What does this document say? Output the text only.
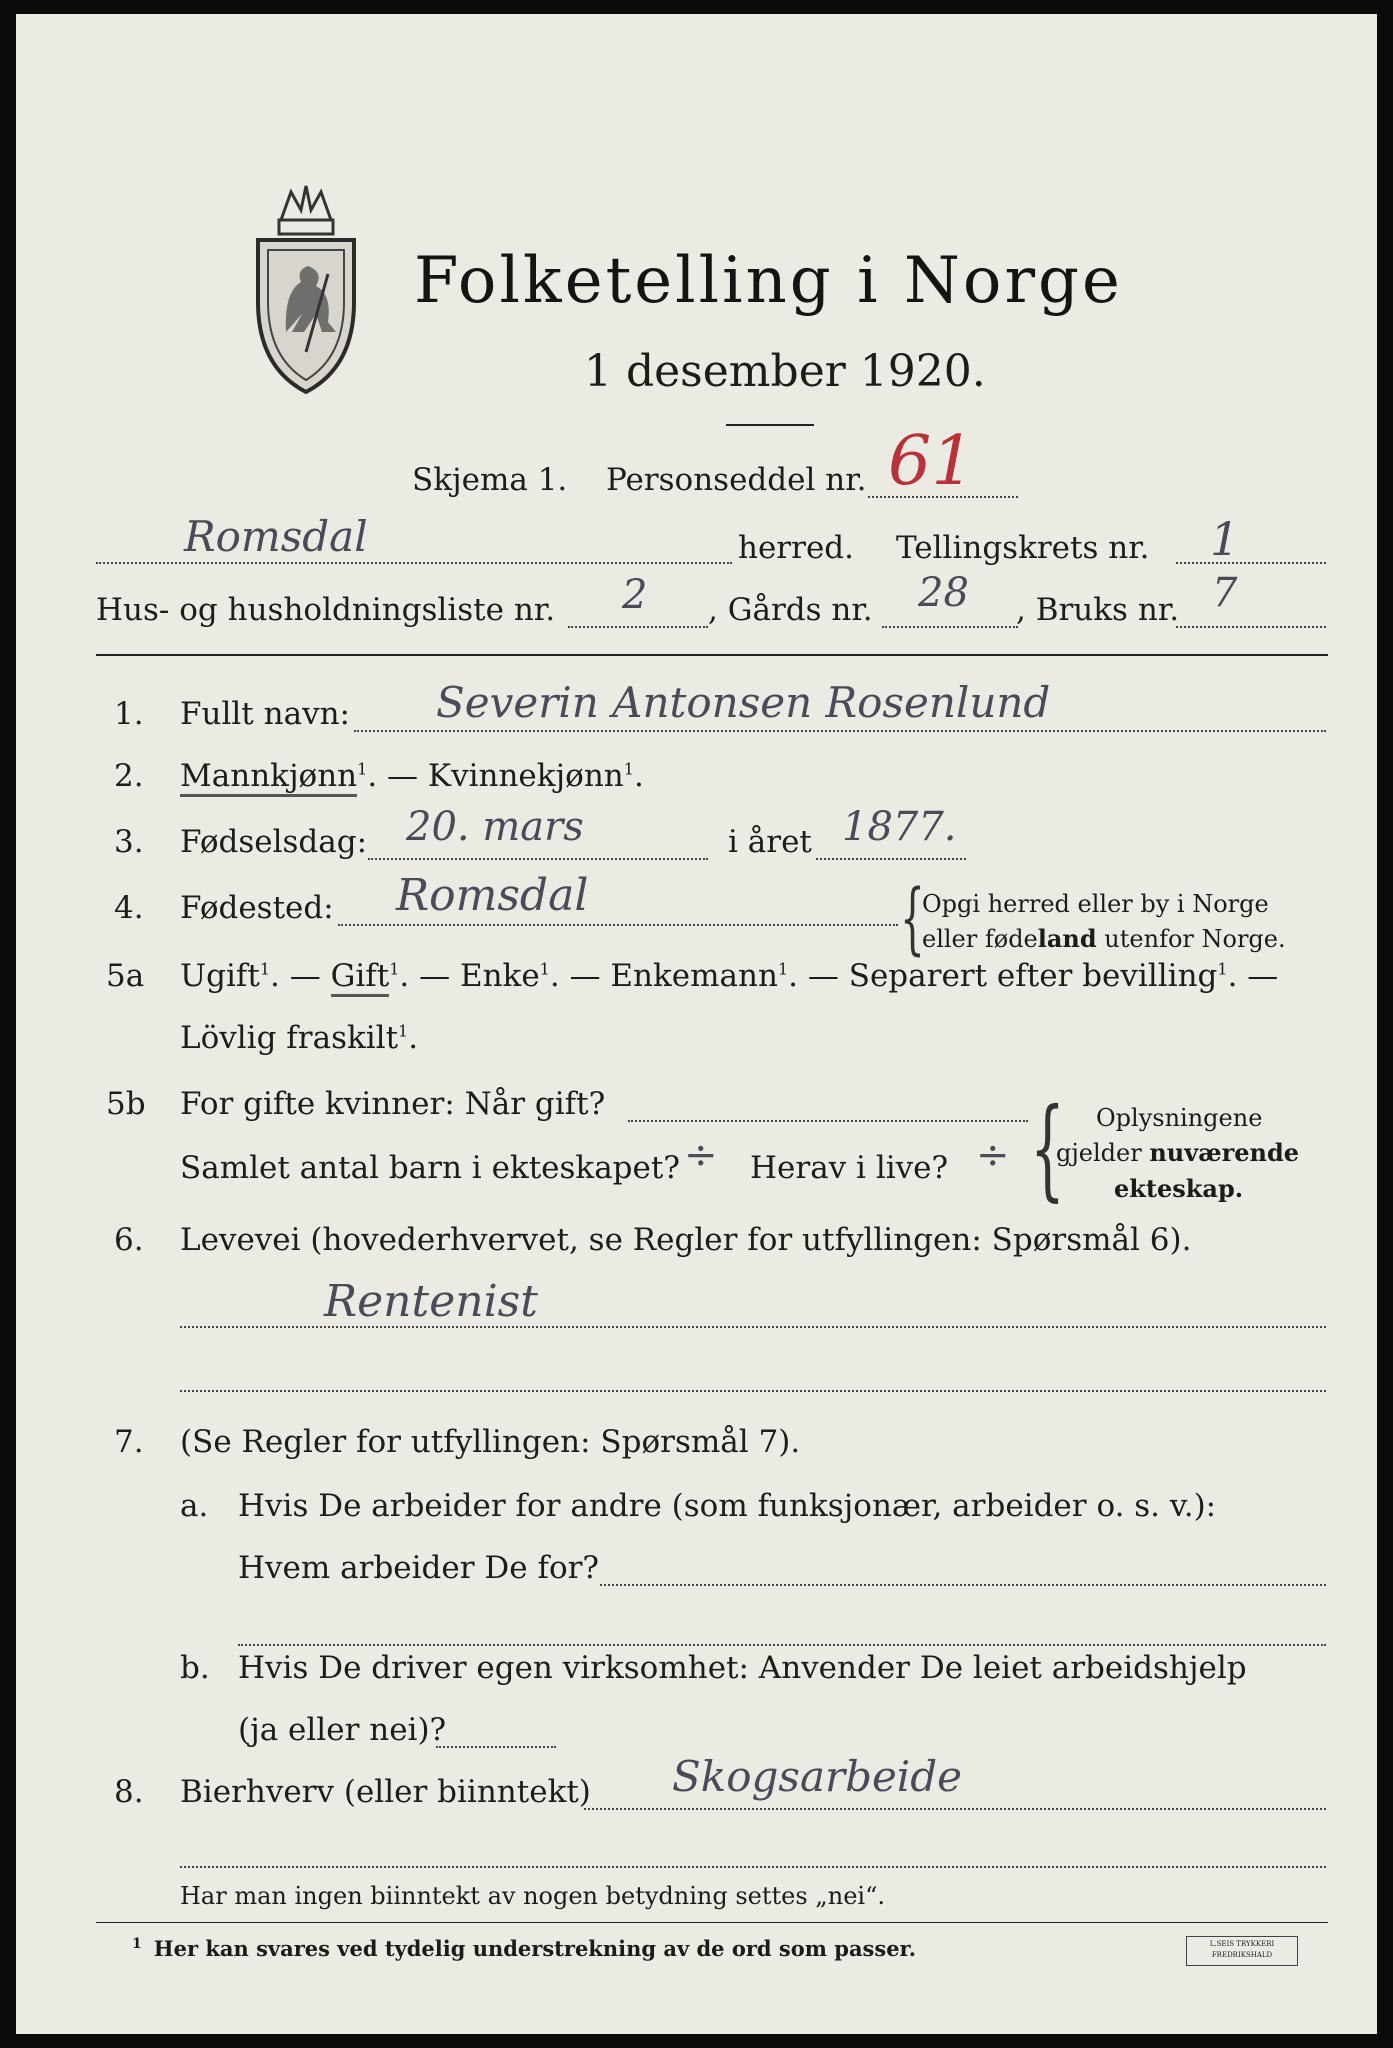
Folketelling i Norge
1 desember 1920.
Skjema 1. Personseddel nr. 61
Romsdal	herred. Tellingskrets nr. 1
Hus- og husholdningsliste nr. 2 , Gårds nr. 28 , Bruks nr. 7
1. Fullt navn: Severin Antonsen Rosenlund
2. Mannkjønn$^1$. — Kvinnekjønn$^1$.
3. Fødselsdag: 20. mars	i året 1877.
4. Fødested: Romsdal	{
Opgi herred eller by i Norge
eller fødeland utenfor Norge.
5a Ugift$^1$. — Gift$^1$. — Enke$^1$. — Enkemann$^1$. — Separert efter bevilling$^1$. —
Lövlig fraskilt$^1$.
5b For gifte kvinner: Når gift?
Samlet antal barn i ekteskapet? ÷ Herav i live? ÷ { Oplysningene
gjelder nuværende
ekteskap.
6. Levevei (hovederhvervet, se Regler for utfyllingen: Spørsmål 6).
Rentenist
7. (Se Regler for utfyllingen: Spørsmål 7).
a. Hvis De arbeider for andre (som funksjonær, arbeider o. s. v.):
Hvem arbeider De for?
b. Hvis De driver egen virksomhet: Anvender De leiet arbeidshjelp
(ja eller nei)?
8. Bierhverv (eller biinntekt) Skogsarbeide
Har man ingen biinntekt av nogen betydning settes „nei“.
$^1$ Her kan svares ved tydelig understrekning av de ord som passer.	L.SEIS TRYKKERI
FREDRIKSHALD
